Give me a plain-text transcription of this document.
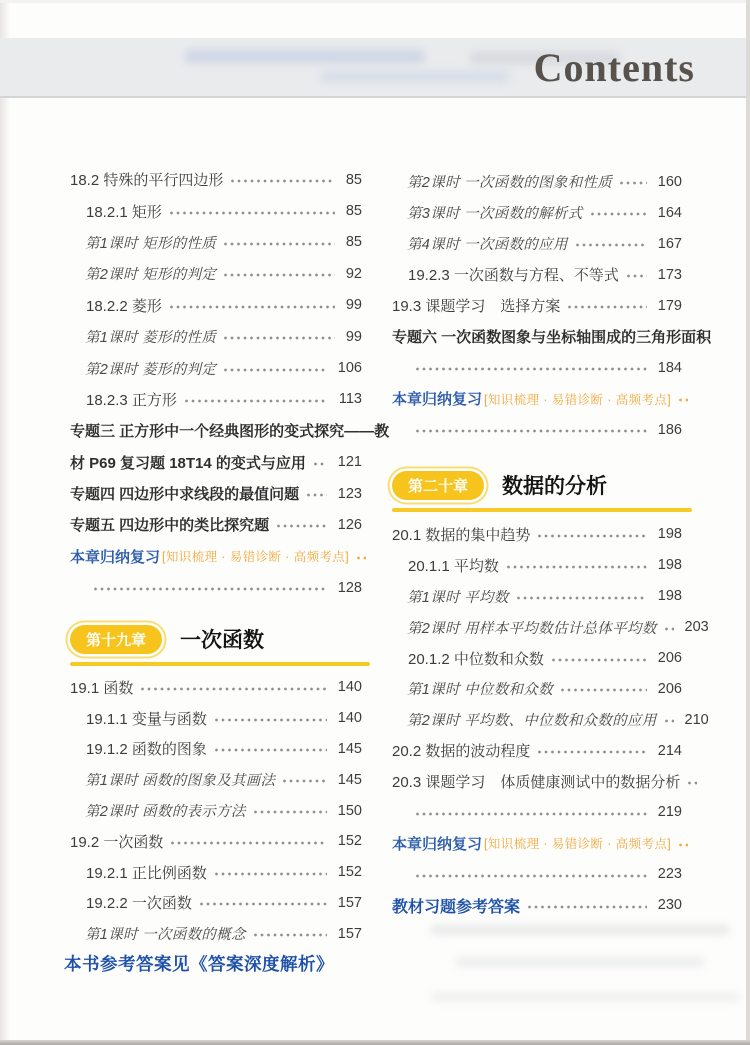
Contents
18.2 特殊的平行四边形	85
18.2.1 矩形	85
第1课时 矩形的性质	85
第2课时 矩形的判定	92
18.2.2 菱形	99
第1课时 菱形的性质	99
第2课时 菱形的判定	106
18.2.3 正方形	113
专题三 正方形中一个经典图形的变式探究——教
材 P69 复习题 18T14 的变式与应用 121
专题四 四边形中求线段的最值问题	123
专题五 四边形中的类比探究题	126
本章归纳复习 [知识梳理 · 易错诊断 · 高频考点]
128
第十九章	一次函数
19.1 函数	140
19.1.1 变量与函数	140
19.1.2 函数的图象	145
第1课时 函数的图象及其画法	145
第2课时 函数的表示方法	150
19.2 一次函数	152
19.2.1 正比例函数	152
19.2.2 一次函数	157
第1课时 一次函数的概念	157
本书参考答案见《答案深度解析》
第2课时 一次函数的图象和性质	160
第3课时 一次函数的解析式	164
第4课时 一次函数的应用	167
19.2.3 一次函数与方程、不等式	173
19.3 课题学习　选择方案	179
专题六 一次函数图象与坐标轴围成的三角形面积
184
本章归纳复习 [知识梳理 · 易错诊断 · 高频考点]
186
第二十章	数据的分析
20.1 数据的集中趋势	198
20.1.1 平均数	198
第1课时 平均数	198
第2课时 用样本平均数估计总体平均数 203
20.1.2 中位数和众数	206
第1课时 中位数和众数	206
第2课时 平均数、中位数和众数的应用 210
20.2 数据的波动程度	214
20.3 课题学习　体质健康测试中的数据分析
219
本章归纳复习 [知识梳理 · 易错诊断 · 高频考点]
223
教材习题参考答案	230
